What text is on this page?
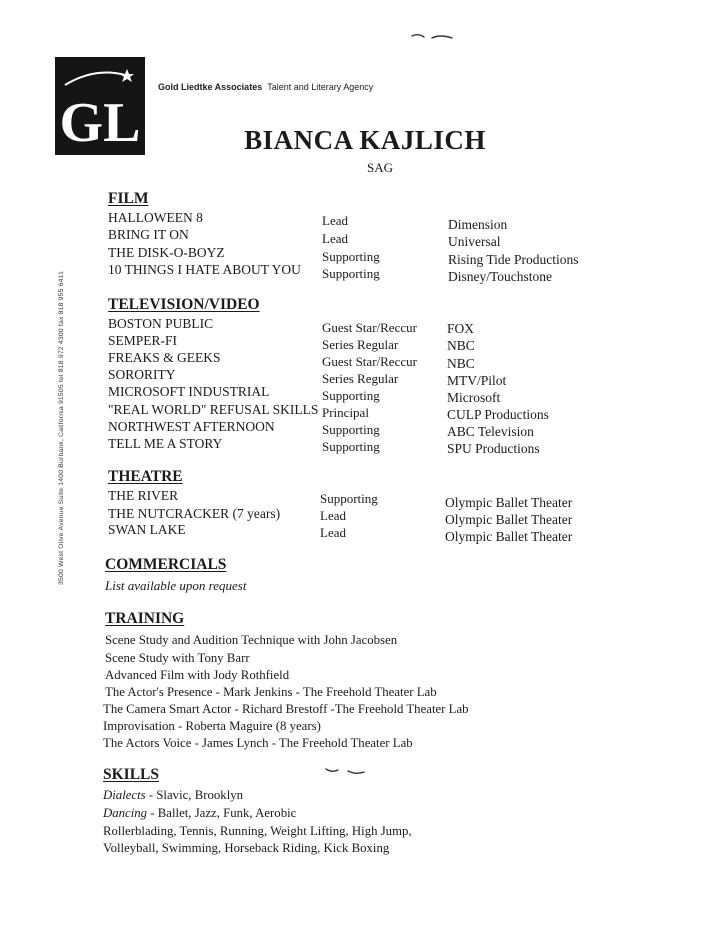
GL
Gold Liedtke Associates Talent and Literary Agency
BIANCA KAJLICH
SAG
3500 West Olive Avenue Suite 1400 Burbank, California 91505 tel 818 972 4300 fax 818 955 6411
FILM
HALLOWEEN 8	Lead	Dimension
BRING IT ON	Lead	Universal
THE DISK-O-BOYZ	Supporting	Rising Tide Productions
10 THINGS I HATE ABOUT YOU Supporting	Disney/Touchstone
TELEVISION/VIDEO
BOSTON PUBLIC	Guest Star/Reccur FOX
SEMPER-FI	Series Regular	NBC
FREAKS & GEEKS	Guest Star/Reccur NBC
SORORITY	Series Regular	MTV/Pilot
MICROSOFT INDUSTRIAL	Supporting	Microsoft
"REAL WORLD" REFUSAL SKILLS Principal	CULP Productions
NORTHWEST AFTERNOON	Supporting	ABC Television
TELL ME A STORY	Supporting	SPU Productions
THEATRE
THE RIVER	Supporting	Olympic Ballet Theater
THE NUTCRACKER (7 years)	Lead	Olympic Ballet Theater
SWAN LAKE	Lead	Olympic Ballet Theater
COMMERCIALS
List available upon request
TRAINING
Scene Study and Audition Technique with John Jacobsen
Scene Study with Tony Barr
Advanced Film with Jody Rothfield
The Actor's Presence - Mark Jenkins - The Freehold Theater Lab
The Camera Smart Actor - Richard Brestoff -The Freehold Theater Lab
Improvisation - Roberta Maguire (8 years)
The Actors Voice - James Lynch - The Freehold Theater Lab
SKILLS
Dialects - Slavic, Brooklyn
Dancing - Ballet, Jazz, Funk, Aerobic
Rollerblading, Tennis, Running, Weight Lifting, High Jump,
Volleyball, Swimming, Horseback Riding, Kick Boxing
